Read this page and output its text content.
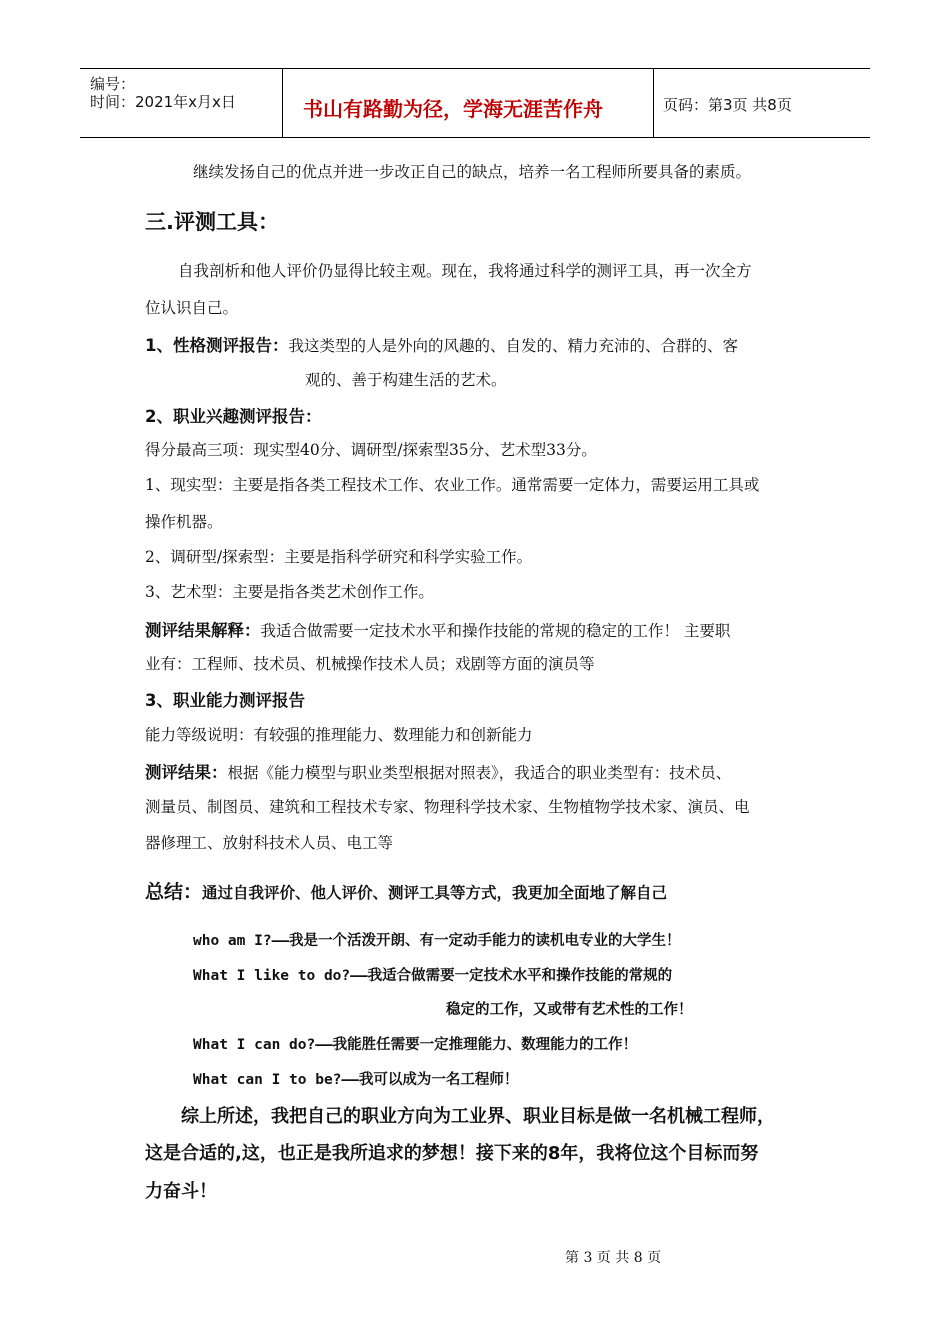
编号：
时间：2021年x月x日	书山有路勤为径，学海无涯苦作舟	页码：第3页 共8页
继续发扬自己的优点并进一步改正自己的缺点，培养一名工程师所要具备的素质。
三.评测工具：
自我剖析和他人评价仍显得比较主观。现在，我将通过科学的测评工具，再一次全方
位认识自己。
1、性格测评报告：我这类型的人是外向的风趣的、自发的、精力充沛的、合群的、客
观的、善于构建生活的艺术。
2、职业兴趣测评报告：
得分最高三项：现实型40分、调研型/探索型35分、艺术型33分。
1、现实型：主要是指各类工程技术工作、农业工作。通常需要一定体力，需要运用工具或
操作机器。
2、调研型/探索型：主要是指科学研究和科学实验工作。
3、艺术型：主要是指各类艺术创作工作。
测评结果解释：我适合做需要一定技术水平和操作技能的常规的稳定的工作！ 主要职
业有：工程师、技术员、机械操作技术人员；戏剧等方面的演员等
3、职业能力测评报告
能力等级说明：有较强的推理能力、数理能力和创新能力
测评结果：根据《能力模型与职业类型根据对照表》，我适合的职业类型有：技术员、
测量员、制图员、建筑和工程技术专家、物理科学技术家、生物植物学技术家、演员、电
器修理工、放射科技术人员、电工等
总结：通过自我评价、他人评价、测评工具等方式，我更加全面地了解自己
who am I?——我是一个活泼开朗、有一定动手能力的读机电专业的大学生！
What I like to do?——我适合做需要一定技术水平和操作技能的常规的
稳定的工作，又或带有艺术性的工作！
What I can do?——我能胜任需要一定推理能力、数理能力的工作！
What can I to be?——我可以成为一名工程师！
综上所述，我把自己的职业方向为工业界、职业目标是做一名机械工程师，
这是合适的,这，也正是我所追求的梦想！接下来的8年，我将位这个目标而努
力奋斗！
第 3 页 共 8 页
